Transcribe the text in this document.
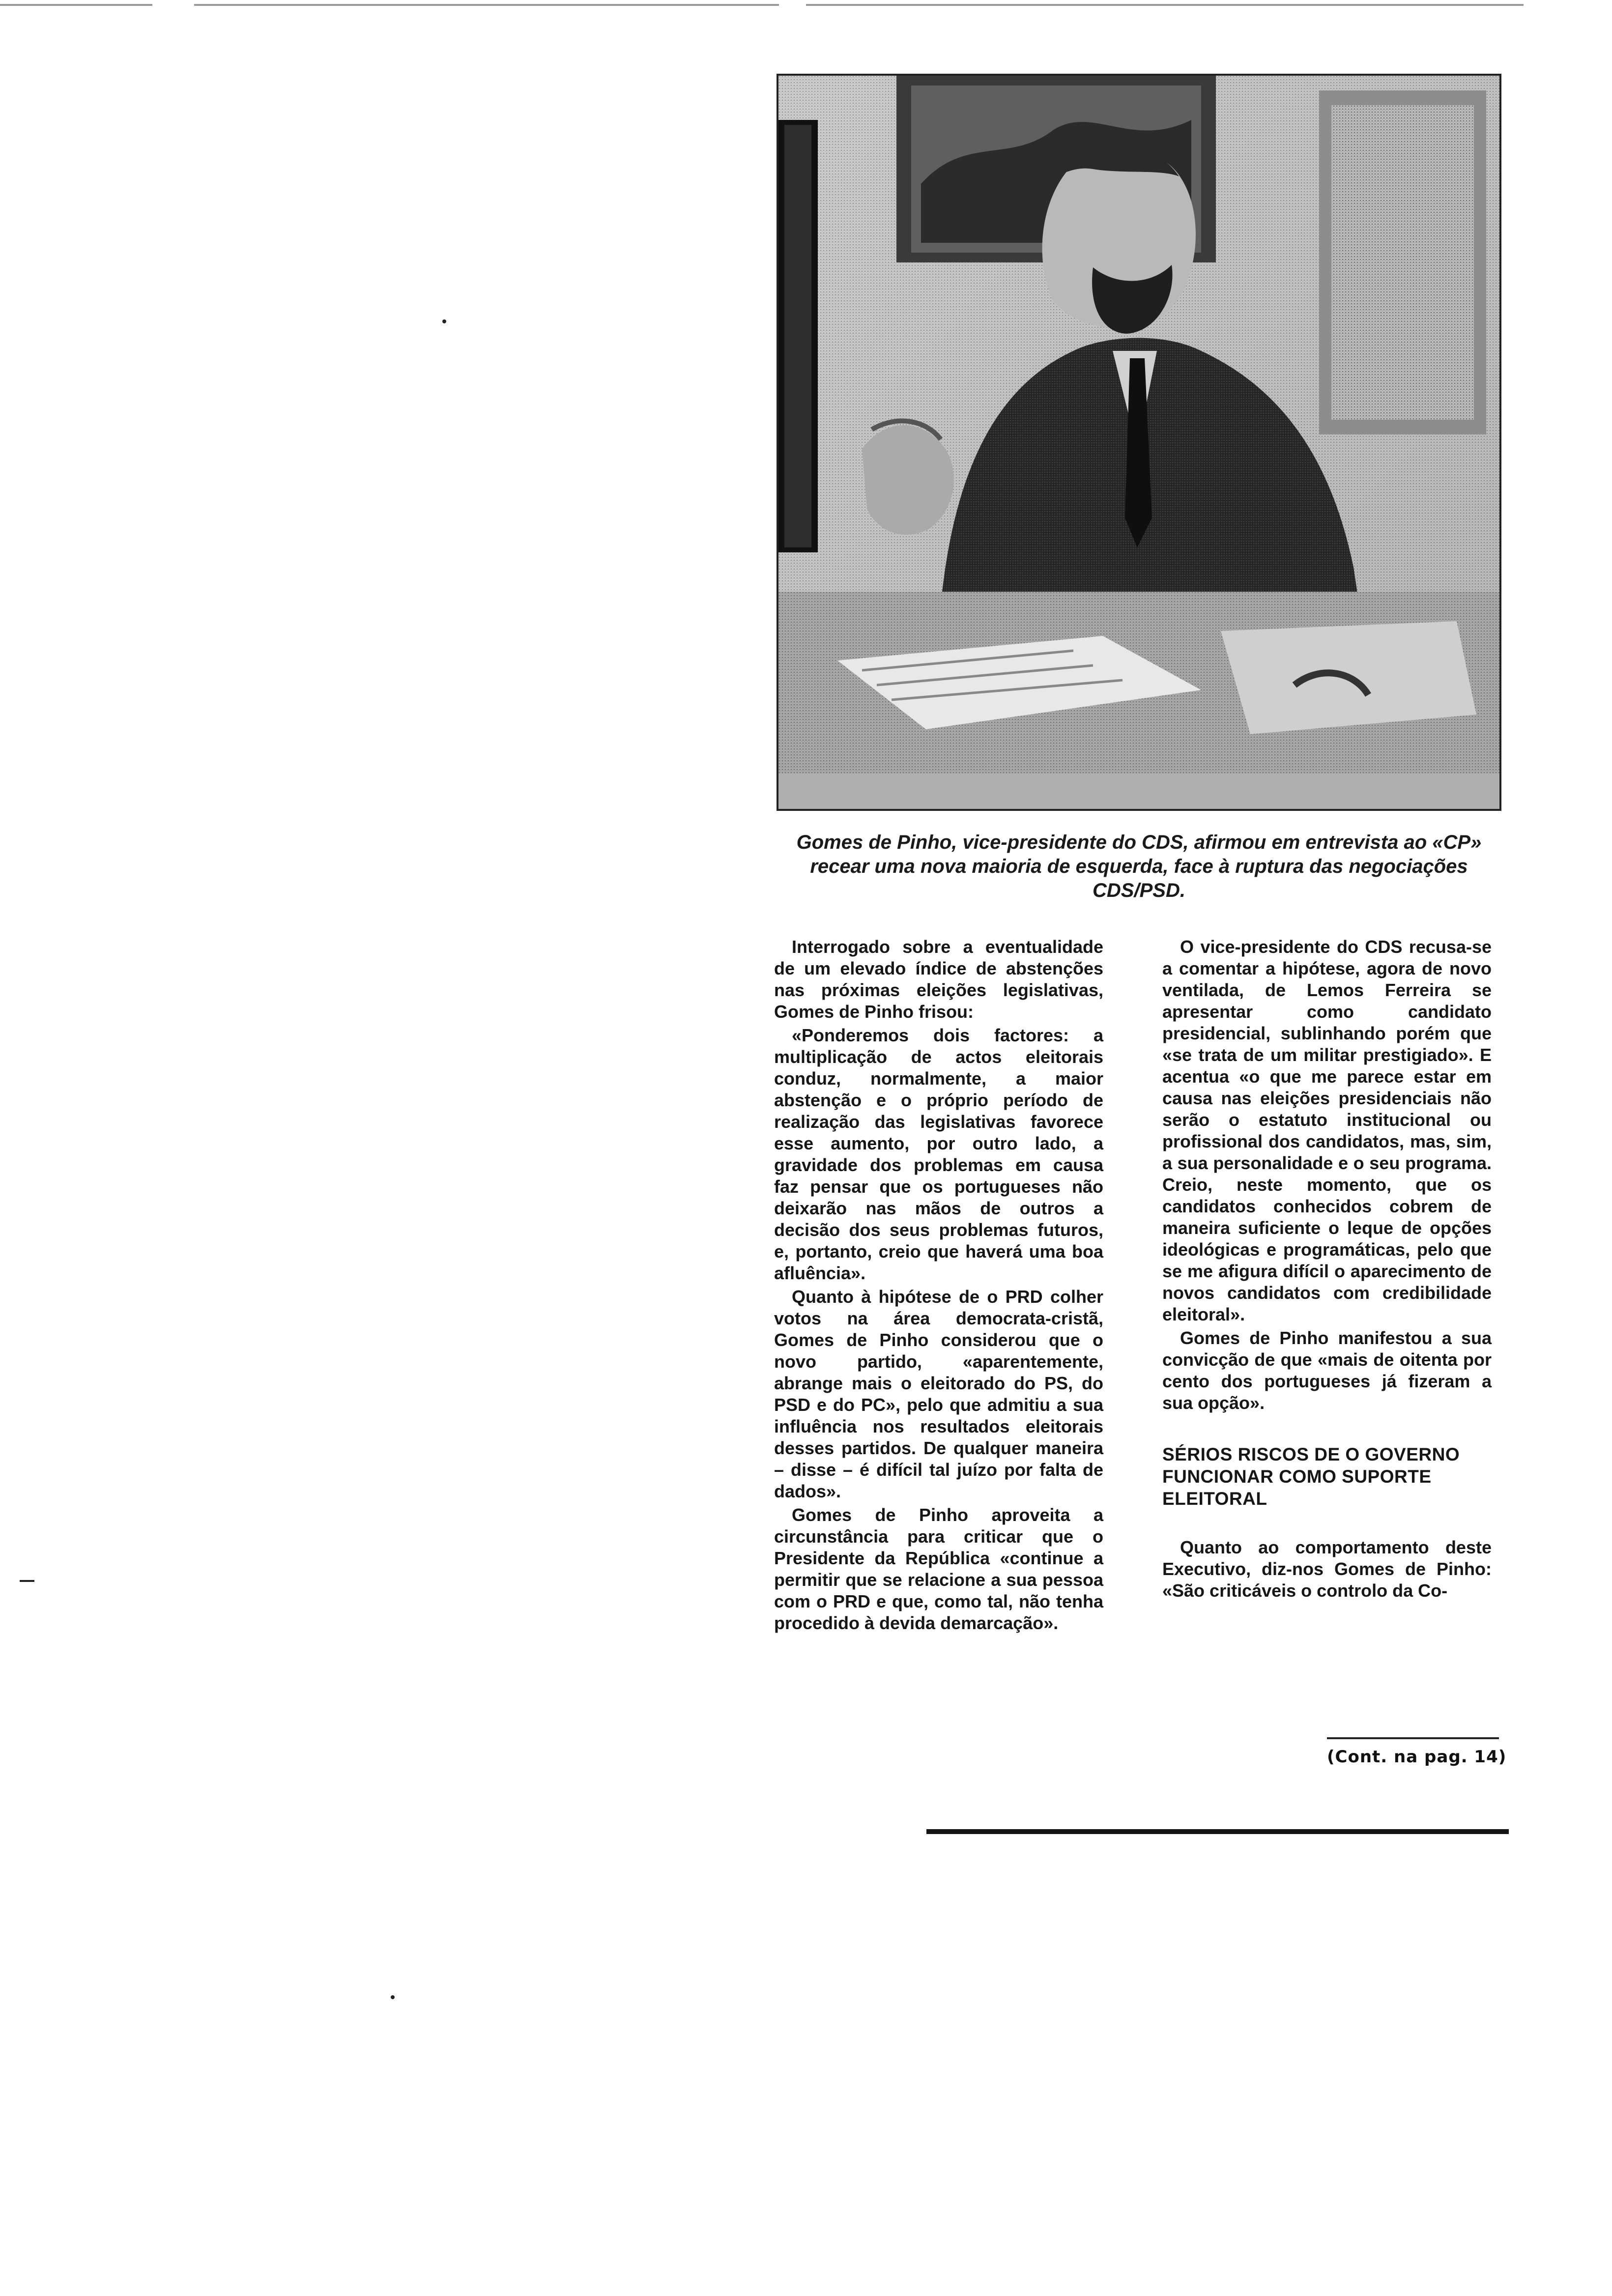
Gomes de Pinho, vice-presidente do CDS, afirmou em entrevista ao «CP» recear uma nova maioria de esquerda, face à ruptura das negociações CDS/PSD.

Interrogado sobre a eventualidade de um elevado índice de abstenções nas próximas eleições legislativas, Gomes de Pinho frisou:

«Ponderemos dois factores: a multiplicação de actos eleitorais conduz, normalmente, a maior abstenção e o próprio período de realização das legislativas favorece esse aumento, por outro lado, a gravidade dos problemas em causa faz pensar que os portugueses não deixarão nas mãos de outros a decisão dos seus problemas futuros, e, portanto, creio que haverá uma boa afluência».

Quanto à hipótese de o PRD colher votos na área democrata-cristã, Gomes de Pinho considerou que o novo partido, «aparentemente, abrange mais o eleitorado do PS, do PSD e do PC», pelo que admitiu a sua influência nos resultados eleitorais desses partidos. De qualquer maneira – disse – é difícil tal juízo por falta de dados».

Gomes de Pinho aproveita a circunstância para criticar que o Presidente da República «continue a permitir que se relacione a sua pessoa com o PRD e que, como tal, não tenha procedido à devida demarcação».

O vice-presidente do CDS recusa-se a comentar a hipótese, agora de novo ventilada, de Lemos Ferreira se apresentar como candidato presidencial, sublinhando porém que «se trata de um militar prestigiado». E acentua «o que me parece estar em causa nas eleições presidenciais não serão o estatuto institucional ou profissional dos candidatos, mas, sim, a sua personalidade e o seu programa. Creio, neste momento, que os candidatos conhecidos cobrem de maneira suficiente o leque de opções ideológicas e programáticas, pelo que se me afigura difícil o aparecimento de novos candidatos com credibilidade eleitoral».

Gomes de Pinho manifestou a sua convicção de que «mais de oitenta por cento dos portugueses já fizeram a sua opção».

SÉRIOS RISCOS DE O GOVERNO FUNCIONAR COMO SUPORTE ELEITORAL

Quanto ao comportamento deste Executivo, diz-nos Gomes de Pinho: «São criticáveis o controlo da Co-

(Cont. na pag. 14)
